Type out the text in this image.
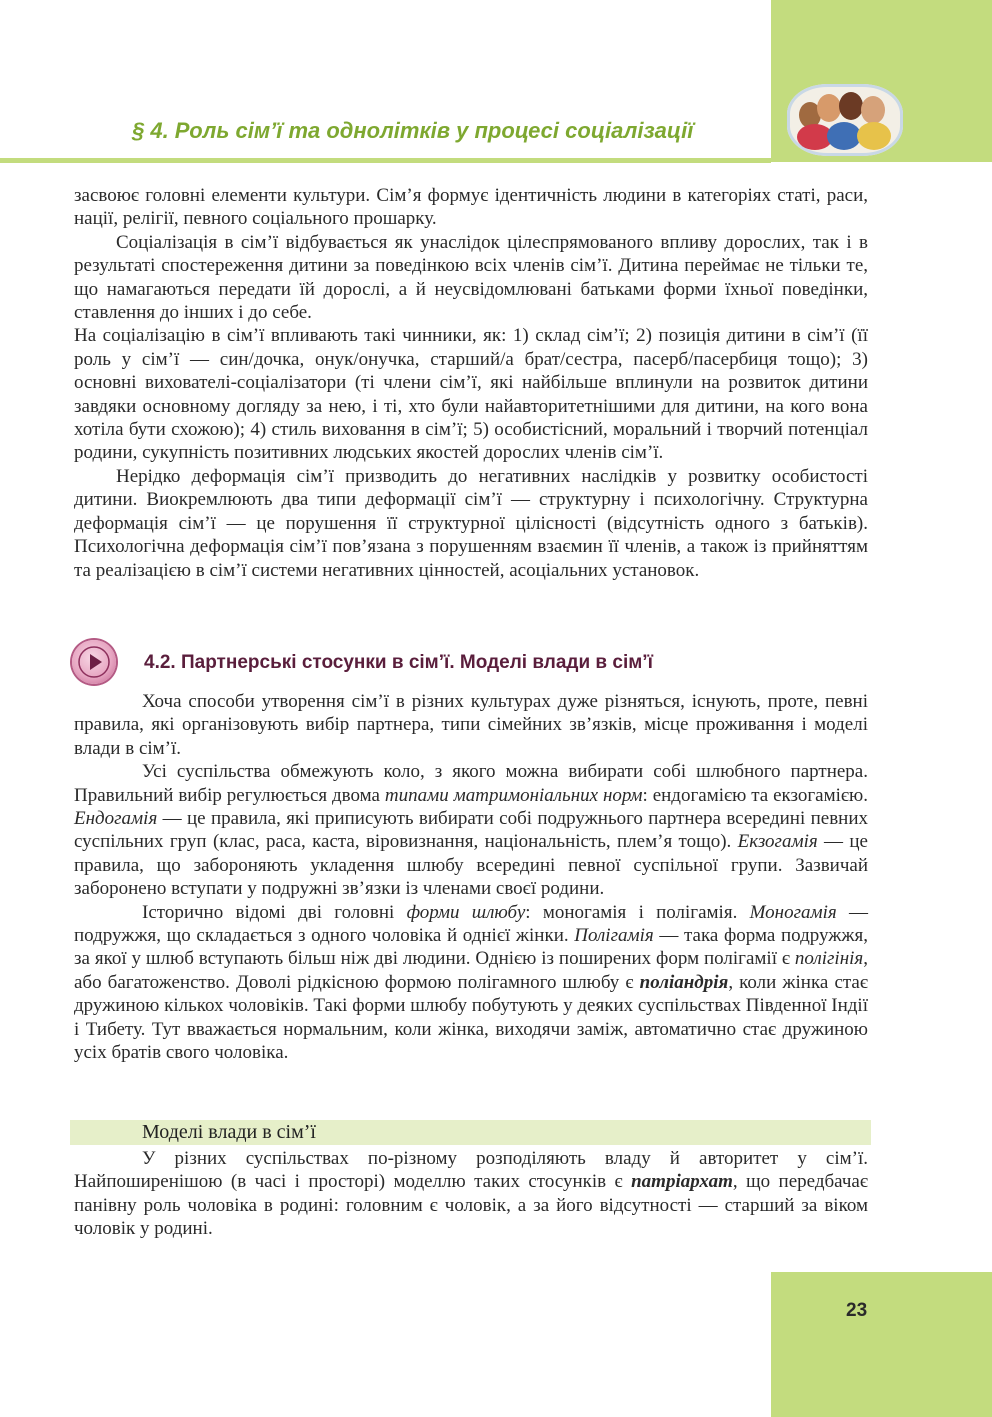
§ 4. Роль сім’ї та однолітків у процесі соціалізації

засвоює головні елементи культури. Сім’я формує ідентичність людини в категоріях статі, раси, нації, релігії, певного соціального прошарку.

Соціалізація в сім’ї відбувається як унаслідок цілеспрямованого впливу дорослих, так і в результаті спостереження дитини за поведінкою всіх членів сім’ї. Дитина переймає не тільки те, що намагаються передати їй дорослі, а й неусвідомлювані батьками форми їхньої поведінки, ставлення до інших і до себе.

На соціалізацію в сім’ї впливають такі чинники, як: 1) склад сім’ї; 2) позиція дитини в сім’ї (її роль у сім’ї — син/дочка, онук/онучка, старший/а брат/сестра, пасерб/пасербиця тощо); 3) основні вихователі-соціалізатори (ті члени сім’ї, які найбільше вплинули на розвиток дитини завдяки основному догляду за нею, і ті, хто були найавторитетнішими для дитини, на кого вона хотіла бути схожою); 4) стиль виховання в сім’ї; 5) особистісний, моральний і творчий потенціал родини, сукупність позитивних людських якостей дорослих членів сім’ї.

Нерідко деформація сім’ї призводить до негативних наслідків у розвитку особистості дитини. Виокремлюють два типи деформації сім’ї — структурну і психологічну. Структурна деформація сім’ї — це порушення її структурної цілісності (відсутність одного з батьків). Психологічна деформація сім’ї пов’язана з порушенням взаємин її членів, а також із прийняттям та реалізацією в сім’ї системи негативних цінностей, асоціальних установок.

4.2. Партнерські стосунки в сім’ї. Моделі влади в сім’ї

Хоча способи утворення сім’ї в різних культурах дуже різняться, існують, проте, певні правила, які організовують вибір партнера, типи сімейних зв’язків, місце проживання і моделі влади в сім’ї.

Усі суспільства обмежують коло, з якого можна вибирати собі шлюбного партнера. Правильний вибір регулюється двома типами матримоніальних норм: ендогамією та екзогамією. Ендогамія — це правила, які приписують вибирати собі подружнього партнера всередині певних суспільних груп (клас, раса, каста, віровизнання, національність, плем’я тощо). Екзогамія — це правила, що забороняють укладення шлюбу всередині певної суспільної групи. Зазвичай заборонено вступати у подружні зв’язки із членами своєї родини.

Історично відомі дві головні форми шлюбу: моногамія і полігамія. Моногамія — подружжя, що складається з одного чоловіка й однієї жінки. Полігамія — така форма подружжя, за якої у шлюб вступають більш ніж дві людини. Однією із поширених форм полігамії є полігінія, або багатоженство. Доволі рідкісною формою полігамного шлюбу є поліандрія, коли жінка стає дружиною кількох чоловіків. Такі форми шлюбу побутують у деяких суспільствах Південної Індії і Тибету. Тут вважається нормальним, коли жінка, виходячи заміж, автоматично стає дружиною усіх братів свого чоловіка.

Моделі влади в сім’ї

У різних суспільствах по-різному розподіляють владу й авторитет у сім’ї. Найпоширенішою (в часі і просторі) моделлю таких стосунків є патріархат, що передбачає панівну роль чоловіка в родині: головним є чоловік, а за його відсутності — старший за віком чоловік у родині.

23
